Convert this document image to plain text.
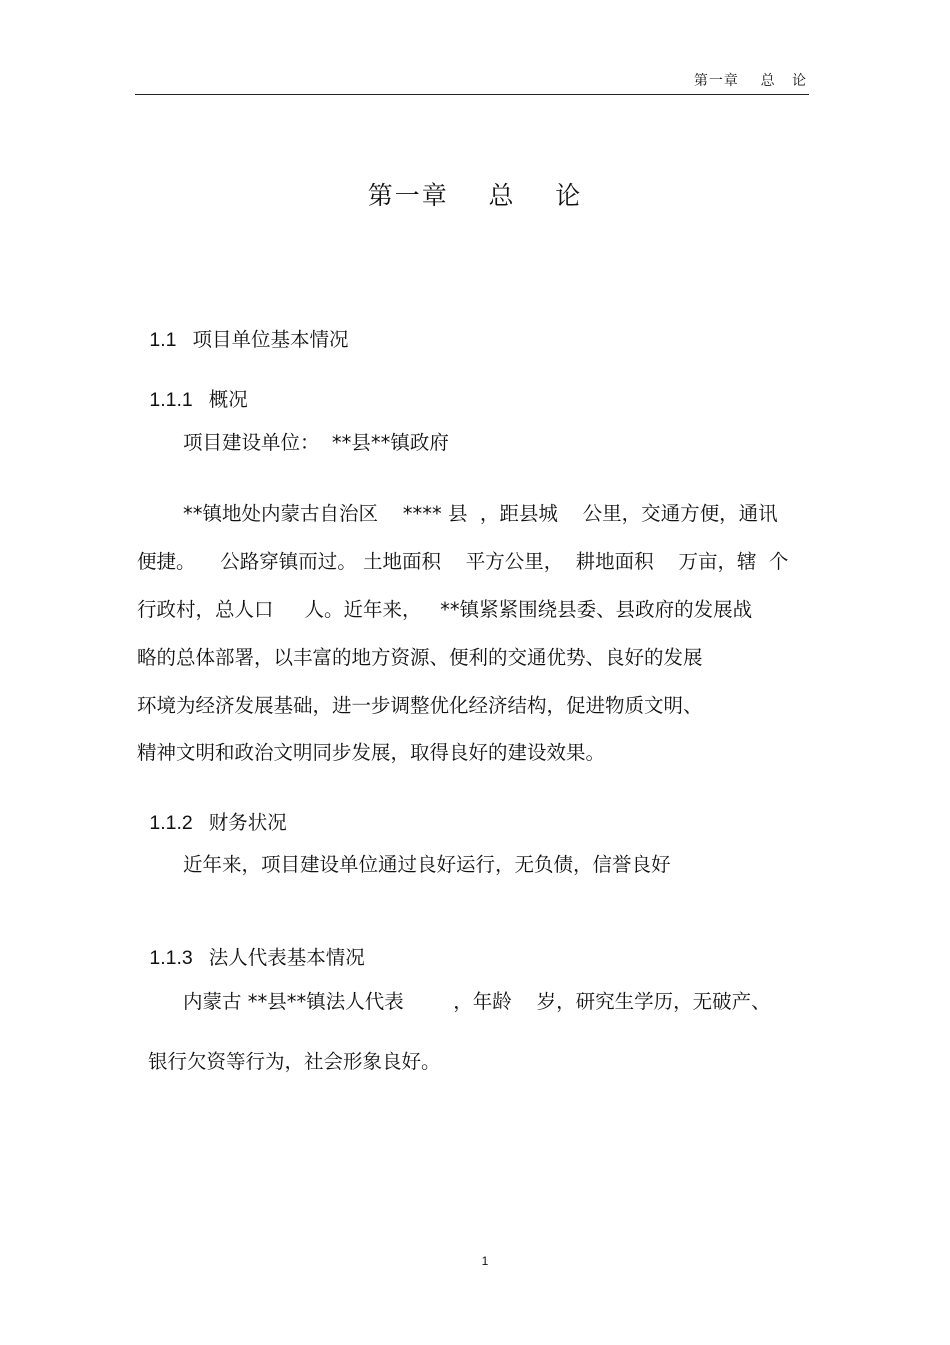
第一章    总   论
第一章    总    论

1.1 项目单位基本情况

1.1.1 概况

项目建设单位：  **县**镇政府
**镇地处内蒙古自治区    **** 县  ，距县城    公里，交通方便，通讯
便捷。    公路穿镇而过。 土地面积    平方公里，  耕地面积    万亩，辖  个
行政村，总人口     人。近年来，   **镇紧紧围绕县委、县政府的发展战
略的总体部署，以丰富的地方资源、便利的交通优势、良好的发展
环境为经济发展基础，进一步调整优化经济结构，促进物质文明、
精神文明和政治文明同步发展，取得良好的建设效果。

1.1.2 财务状况

近年来，项目建设单位通过良好运行，无负债，信誉良好

1.1.3 法人代表基本情况

内蒙古 **县**镇法人代表        ，年龄    岁，研究生学历，无破产、
银行欠资等行为，社会形象良好。
1
